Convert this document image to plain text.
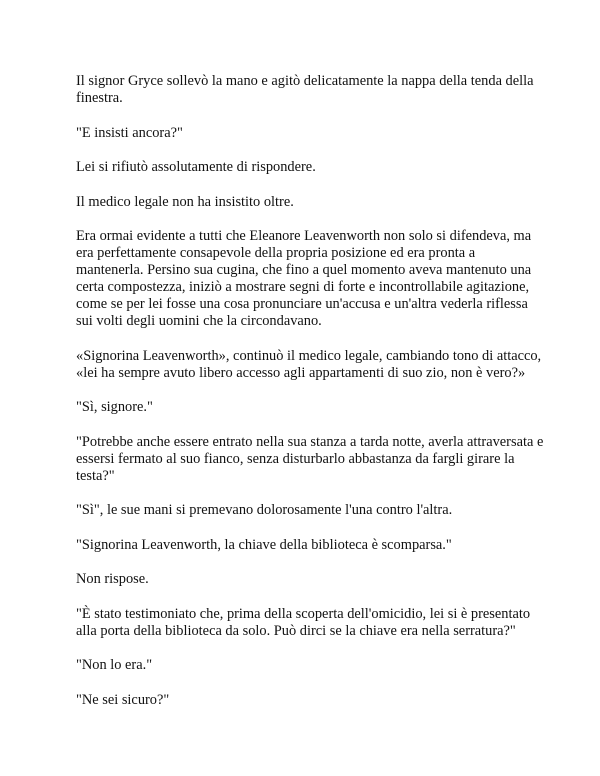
Il signor Gryce sollevò la mano e agitò delicatamente la nappa della tenda della finestra.

"E insisti ancora?"

Lei si rifiutò assolutamente di rispondere.

Il medico legale non ha insistito oltre.

Era ormai evidente a tutti che Eleanore Leavenworth non solo si difendeva, ma era perfettamente consapevole della propria posizione ed era pronta a mantenerla. Persino sua cugina, che fino a quel momento aveva mantenuto una certa compostezza, iniziò a mostrare segni di forte e incontrollabile agitazione, come se per lei fosse una cosa pronunciare un'accusa e un'altra vederla riflessa sui volti degli uomini che la circondavano.

«Signorina Leavenworth», continuò il medico legale, cambiando tono di attacco, «lei ha sempre avuto libero accesso agli appartamenti di suo zio, non è vero?»

"Sì, signore."

"Potrebbe anche essere entrato nella sua stanza a tarda notte, averla attraversata e essersi fermato al suo fianco, senza disturbarlo abbastanza da fargli girare la testa?"

"Sì", le sue mani si premevano dolorosamente l'una contro l'altra.

"Signorina Leavenworth, la chiave della biblioteca è scomparsa."

Non rispose.

"È stato testimoniato che, prima della scoperta dell'omicidio, lei si è presentato alla porta della biblioteca da solo. Può dirci se la chiave era nella serratura?"

"Non lo era."

"Ne sei sicuro?"
